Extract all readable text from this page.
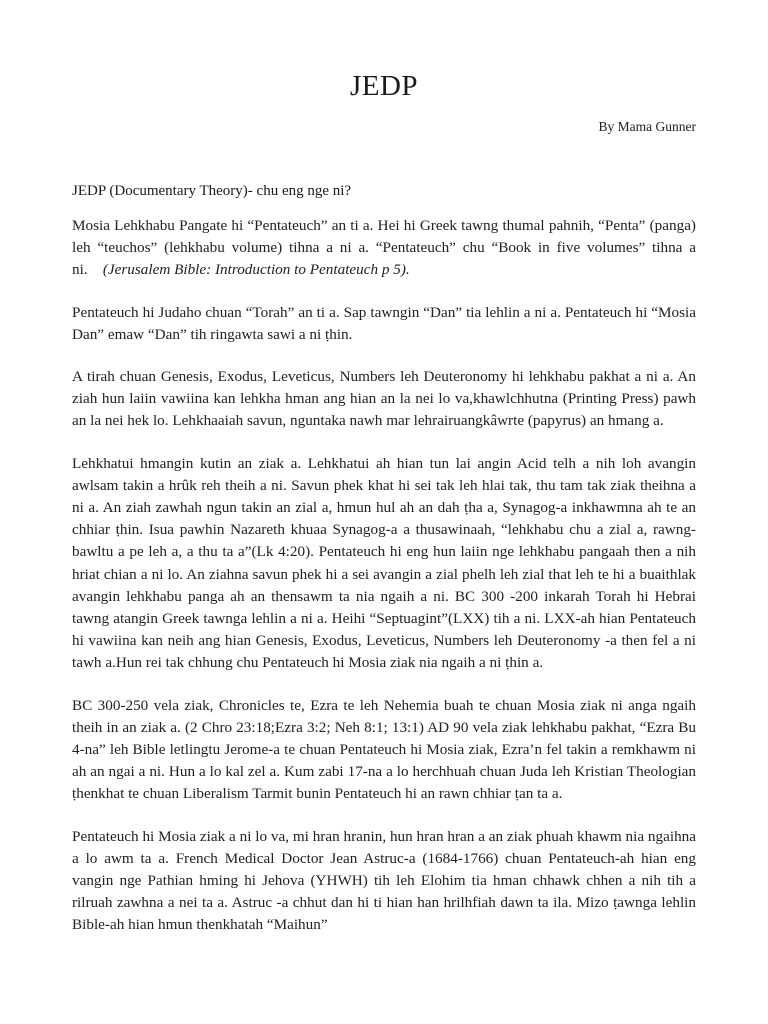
JEDP

By Mama Gunner

JEDP (Documentary Theory)- chu eng nge ni?

Mosia Lehkhabu Pangate hi “Pentateuch” an ti a. Hei hi Greek tawng thumal pahnih, “Penta” (panga) leh “teuchos” (lehkhabu volume) tihna a ni a. “Pentateuch” chu “Book in five volumes” tihna a ni. (Jerusalem Bible: Introduction to Pentateuch p 5).

Pentateuch hi Judaho chuan “Torah” an ti a. Sap tawngin “Dan” tia lehlin a ni a. Pentateuch hi “Mosia Dan” emaw “Dan” tih ringawta sawi a ni ṭhin.

A tirah chuan Genesis, Exodus, Leveticus, Numbers leh Deuteronomy hi lehkhabu pakhat a ni a. An ziah hun laiin vawiina kan lehkha hman ang hian an la nei lo va,khawlchhutna (Printing Press) pawh an la nei hek lo. Lehkhaaiah savun, nguntaka nawh mar lehrairuangkâwrte (papyrus) an hmang a.

Lehkhatui hmangin kutin an ziak a. Lehkhatui ah hian tun lai angin Acid telh a nih loh avangin awlsam takin a hrûk reh theih a ni. Savun phek khat hi sei tak leh hlai tak, thu tam tak ziak theihna a ni a. An ziah zawhah ngun takin an zial a, hmun hul ah an dah ṭha a, Synagog-a inkhawmna ah te an chhiar ṭhin. Isua pawhin Nazareth khuaa Synagog-a a thusawinaah, “lehkhabu chu a zial a, rawng-bawltu a pe leh a, a thu ta a”(Lk 4:20). Pentateuch hi eng hun laiin nge lehkhabu pangaah then a nih hriat chian a ni lo. An ziahna savun phek hi a sei avangin a zial phelh leh zial that leh te hi a buaithlak avangin lehkhabu panga ah an thensawm ta nia ngaih a ni. BC 300 -200 inkarah Torah hi Hebrai tawng atangin Greek tawnga lehlin a ni a. Heihi “Septuagint”(LXX) tih a ni. LXX-ah hian Pentateuch hi vawiina kan neih ang hian Genesis, Exodus, Leveticus, Numbers leh Deuteronomy -a then fel a ni tawh a.Hun rei tak chhung chu Pentateuch hi Mosia ziak nia ngaih a ni ṭhin a.

BC 300-250 vela ziak, Chronicles te, Ezra te leh Nehemia buah te chuan Mosia ziak ni anga ngaih theih in an ziak a. (2 Chro 23:18;Ezra 3:2; Neh 8:1; 13:1) AD 90 vela ziak lehkhabu pakhat, “Ezra Bu 4-na” leh Bible letlingtu Jerome-a te chuan Pentateuch hi Mosia ziak, Ezra’n fel takin a remkhawm ni ah an ngai a ni. Hun a lo kal zel a. Kum zabi 17-na a lo herchhuah chuan Juda leh Kristian Theologian ṭhenkhat te chuan Liberalism Tarmit bunin Pentateuch hi an rawn chhiar ṭan ta a.

Pentateuch hi Mosia ziak a ni lo va, mi hran hranin, hun hran hran a an ziak phuah khawm nia ngaihna a lo awm ta a. French Medical Doctor Jean Astruc-a (1684-1766) chuan Pentateuch-ah hian eng vangin nge Pathian hming hi Jehova (YHWH) tih leh Elohim tia hman chhawk chhen a nih tih a rilruah zawhna a nei ta a. Astruc -a chhut dan hi ti hian han hrilhfiah dawn ta ila. Mizo ṭawnga lehlin Bible-ah hian hmun thenkhatah “Maihun”
